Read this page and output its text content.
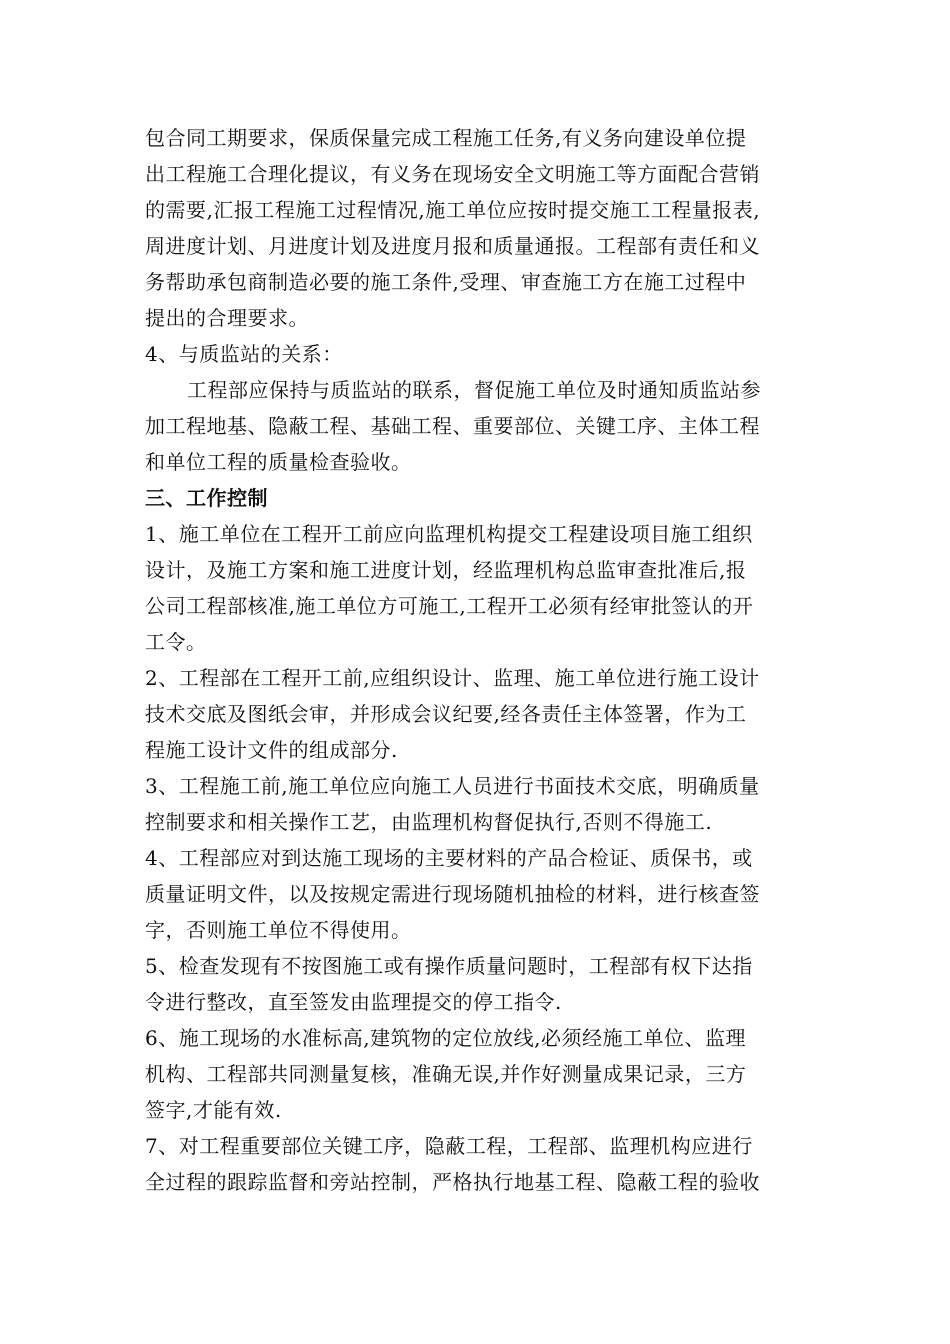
包合同工期要求，保质保量完成工程施工任务,有义务向建设单位提
出工程施工合理化提议，有义务在现场安全文明施工等方面配合营销
的需要,汇报工程施工过程情况,施工单位应按时提交施工工程量报表,
周进度计划、月进度计划及进度月报和质量通报。工程部有责任和义
务帮助承包商制造必要的施工条件,受理、审查施工方在施工过程中
提出的合理要求。
4、与质监站的关系：
工程部应保持与质监站的联系，督促施工单位及时通知质监站参
加工程地基、隐蔽工程、基础工程、重要部位、关键工序、主体工程
和单位工程的质量检查验收。
三、工作控制
1、施工单位在工程开工前应向监理机构提交工程建设项目施工组织
设计，及施工方案和施工进度计划，经监理机构总监审查批准后,报
公司工程部核准,施工单位方可施工,工程开工必须有经审批签认的开
工令。
2、工程部在工程开工前,应组织设计、监理、施工单位进行施工设计
技术交底及图纸会审，并形成会议纪要,经各责任主体签署，作为工
程施工设计文件的组成部分.
3、工程施工前,施工单位应向施工人员进行书面技术交底，明确质量
控制要求和相关操作工艺，由监理机构督促执行,否则不得施工.
4、工程部应对到达施工现场的主要材料的产品合检证、质保书，或
质量证明文件，以及按规定需进行现场随机抽检的材料，进行核查签
字，否则施工单位不得使用。
5、检查发现有不按图施工或有操作质量问题时，工程部有权下达指
令进行整改，直至签发由监理提交的停工指令.
6、施工现场的水准标高,建筑物的定位放线,必须经施工单位、监理
机构、工程部共同测量复核，准确无误,并作好测量成果记录，三方
签字,才能有效.
7、对工程重要部位关键工序，隐蔽工程，工程部、监理机构应进行
全过程的跟踪监督和旁站控制，严格执行地基工程、隐蔽工程的验收
